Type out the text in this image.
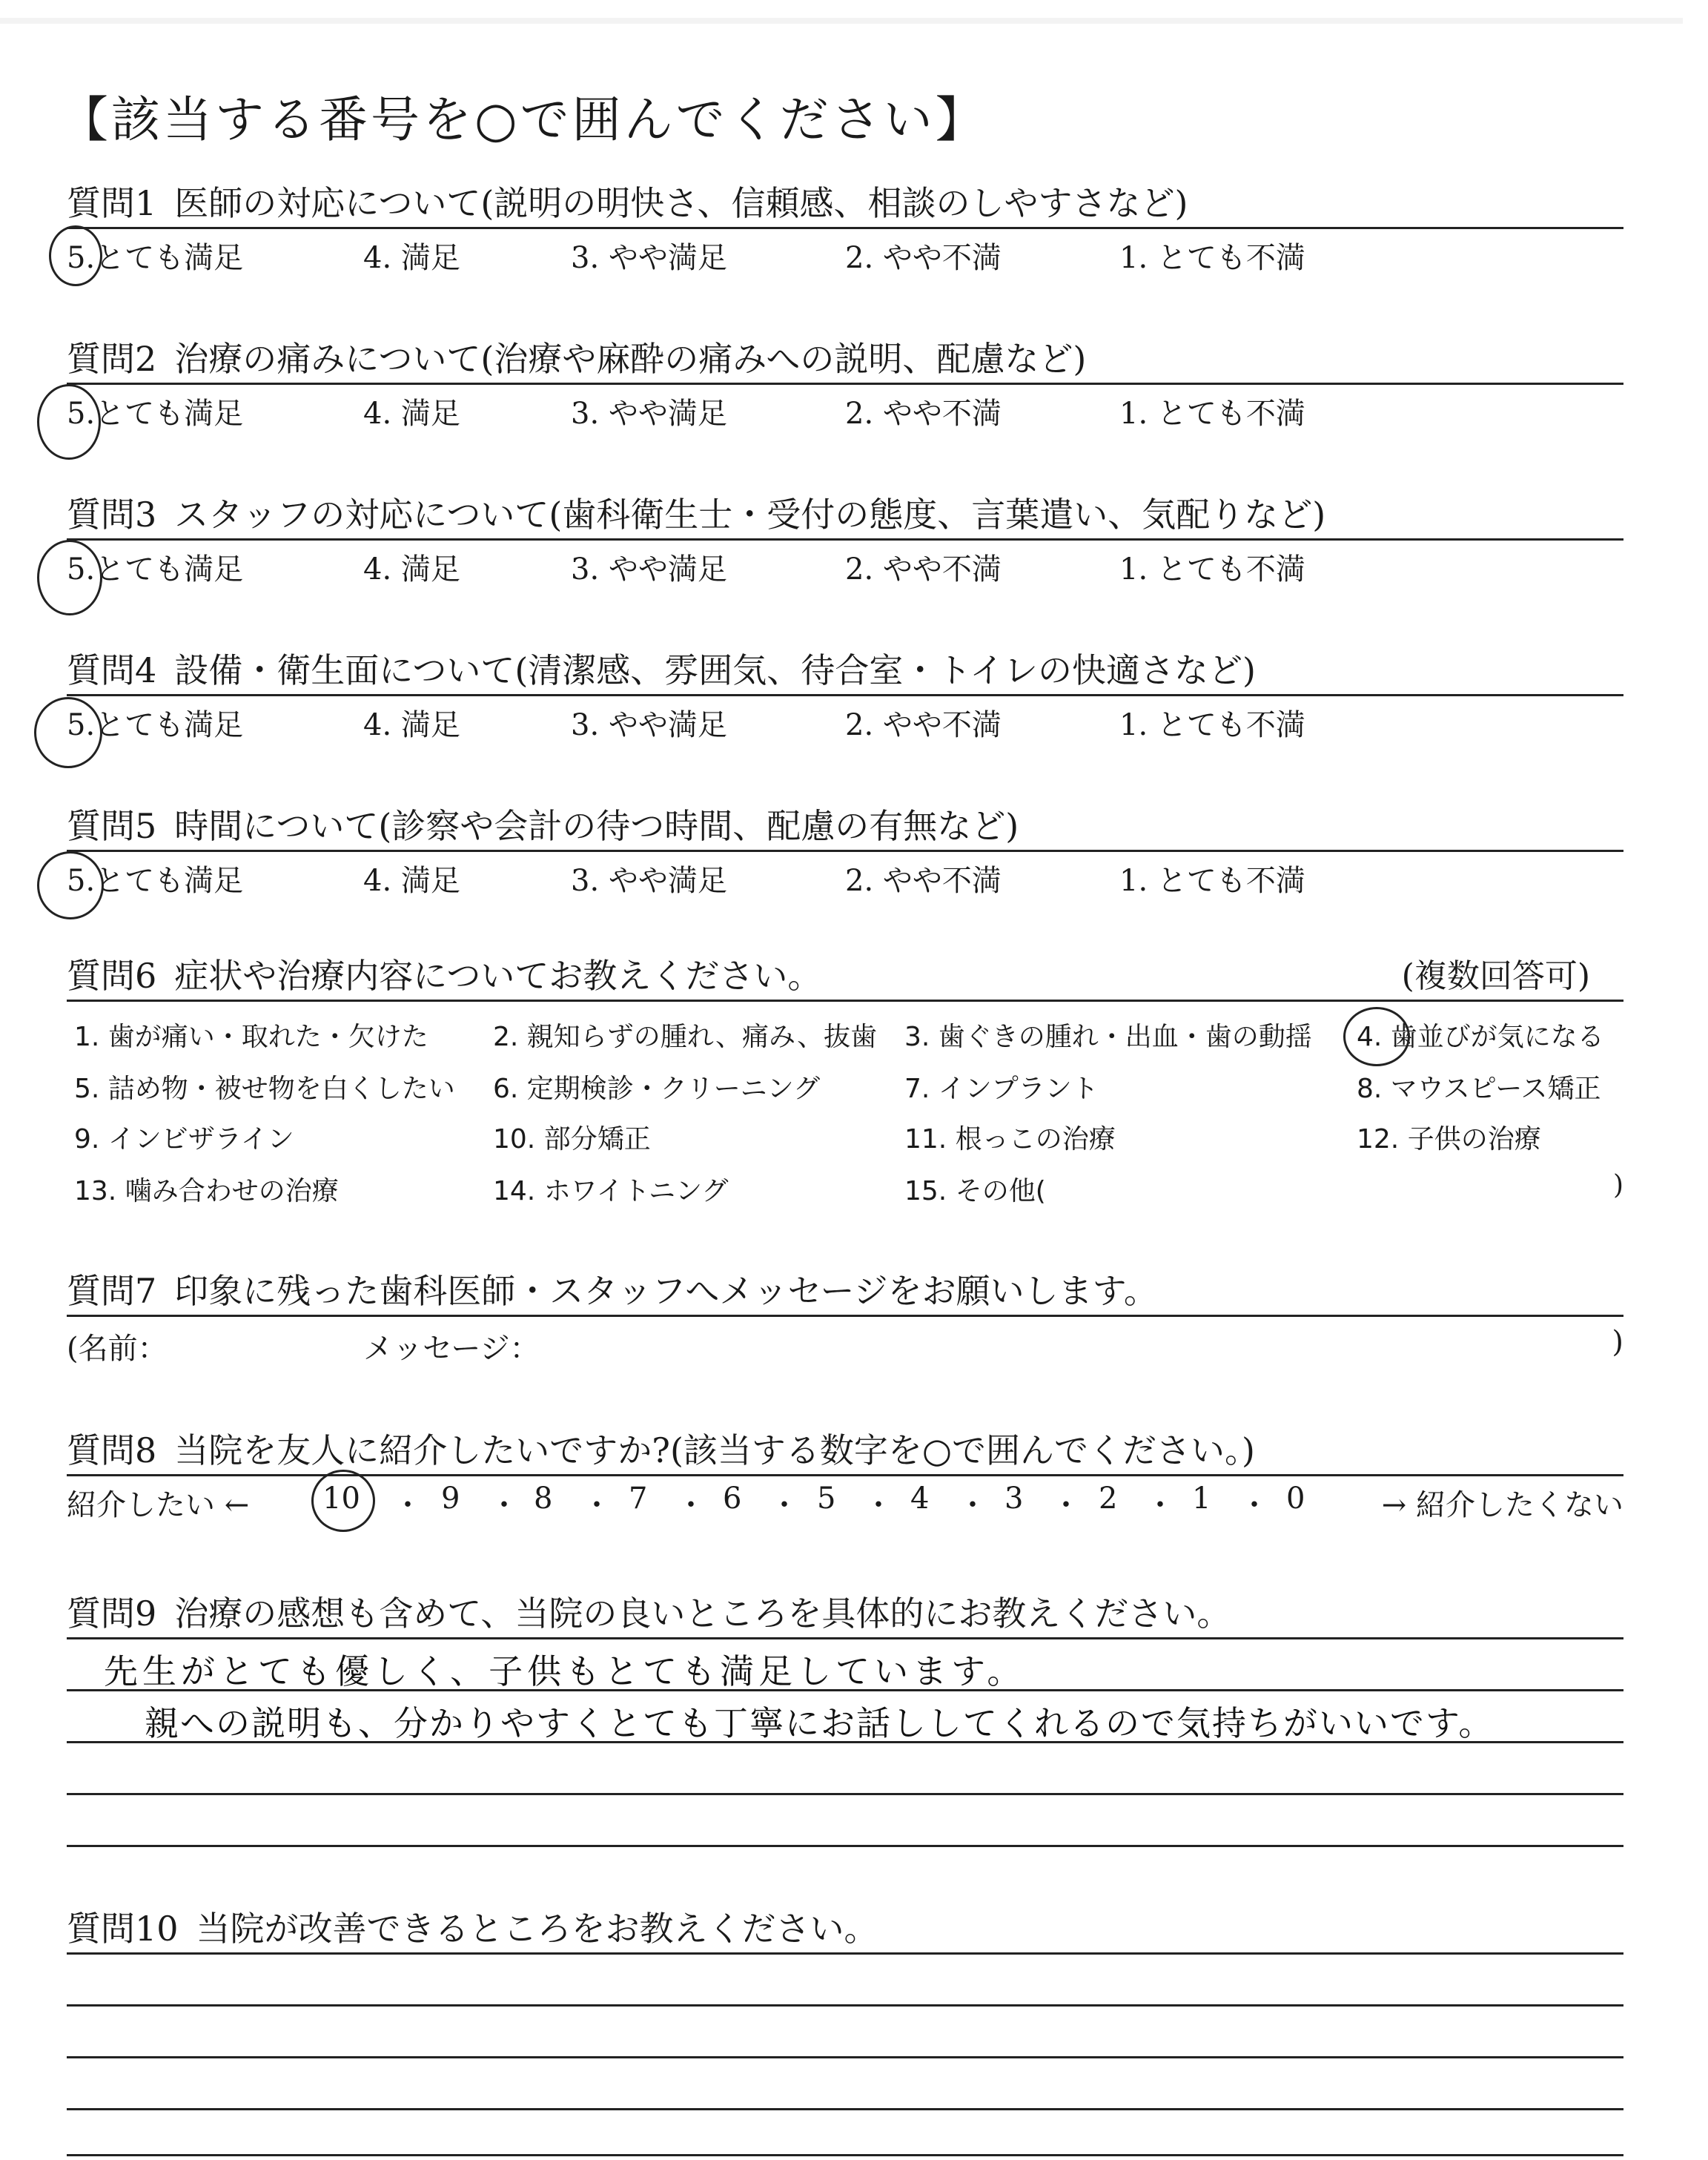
【該当する番号を○で囲んでください】
質問1 医師の対応について(説明の明快さ、信頼感、相談のしやすさなど)
5.とても満足	4. 満足	3. やや満足	2. やや不満	1. とても不満
質問2 治療の痛みについて(治療や麻酔の痛みへの説明、配慮など)
5.とても満足	4. 満足	3. やや満足	2. やや不満	1. とても不満
質問3 スタッフの対応について(歯科衛生士・受付の態度、言葉遣い、気配りなど)
5.とても満足	4. 満足	3. やや満足	2. やや不満	1. とても不満
質問4 設備・衛生面について(清潔感、雰囲気、待合室・トイレの快適さなど)
5.とても満足	4. 満足	3. やや満足	2. やや不満	1. とても不満
質問5 時間について(診察や会計の待つ時間、配慮の有無など)
5.とても満足	4. 満足	3. やや満足	2. やや不満	1. とても不満
質問6 症状や治療内容についてお教えください。	(複数回答可)
1. 歯が痛い・取れた・欠けた 2. 親知らずの腫れ、痛み、抜歯 3. 歯ぐきの腫れ・出血・歯の動揺 4. 歯並びが気になる
5. 詰め物・被せ物を白くしたい 6. 定期検診・クリーニング	7. インプラント	8. マウスピース矯正
9. インビザライン	10. 部分矯正	11. 根っこの治療	12. 子供の治療
13. 噛み合わせの治療	14. ホワイトニング	15. その他(	)
質問7 印象に残った歯科医師・スタッフへメッセージをお願いします。
(名前：	メッセージ：	)
質問8 当院を友人に紹介したいですか?(該当する数字を○で囲んでください。)
紹介したい ← 10 ・ 9 ・ 8 ・ 7 ・ 6 ・ 5 ・ 4 ・ 3 ・ 2 ・ 1 ・ 0	→ 紹介したくない
質問9 治療の感想も含めて、当院の良いところを具体的にお教えください。
先生がとても優しく、子供もとても満足しています。
親への説明も、分かりやすくとても丁寧にお話ししてくれるので気持ちがいいです。
質問10 当院が改善できるところをお教えください。
